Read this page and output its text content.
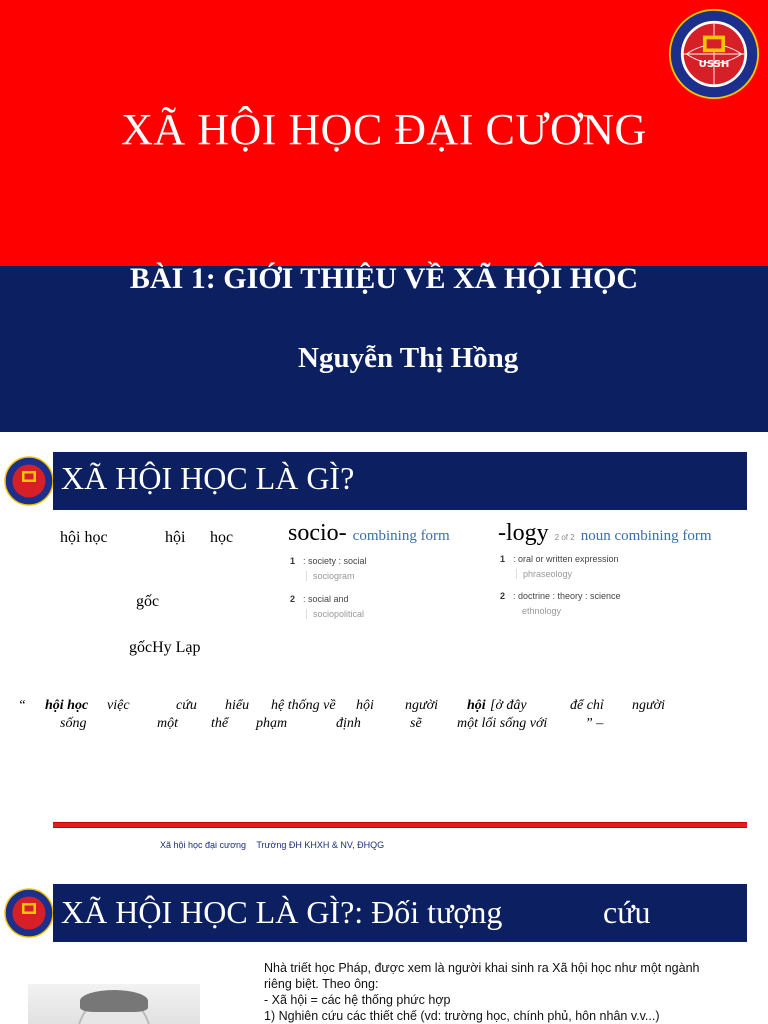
USSH
XÃ HỘI HỌC ĐẠI CƯƠNG
BÀI 1: GIỚI THIỆU VỀ XÃ HỘI HỌC
Nguyễn Thị Hồng
XÃ HỘI HỌC LÀ GÌ?
hội học	hội học
gốc
gốcHy Lạp
socio- combining form
1 : society : social
sociogram
2 : social and
sociopolitical
-logy 2 of 2 noun combining form
1 : oral or written expression
phraseology
2 : doctrine : theory : science
ethnology
“ hội học việc	cứu hiểu hệ thống về hội người hội [ở đây	để chỉ người
sống	một thể phạm	định	sẽ	một lối sống với	” –
Xã hội học đại cương Trường ĐH KHXH & NV, ĐHQG
XÃ HỘI HỌC LÀ GÌ?: Đối tượng	cứu
Nhà triết học Pháp, được xem là người khai sinh ra Xã hội học như một ngành
riêng biệt. Theo ông:
- Xã hội = các hệ thống phức hợp
1) Nghiên cứu các thiết chế (vd: trường học, chính phủ, hôn nhân v.v...)
